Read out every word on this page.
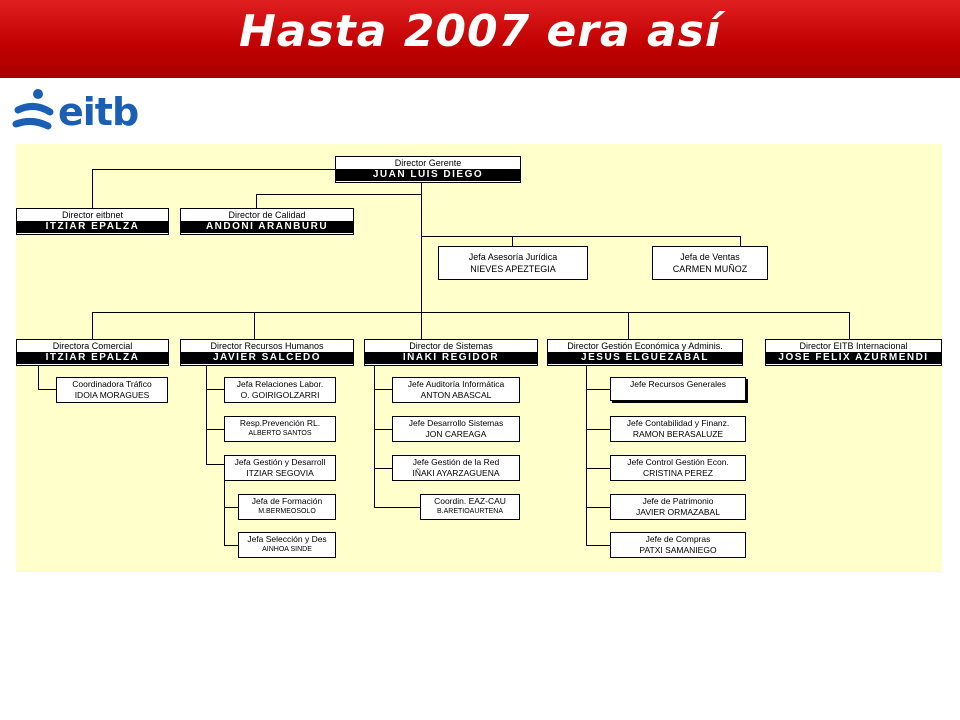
Hasta 2007 era así
eitb
Director Gerente
JUAN LUIS DIEGO
Director eitbnet
ITZIAR EPALZA
Director de Calidad
ANDONI ARANBURU
Jefa Asesoría Jurídica
NIEVES APEZTEGIA
Jefa de Ventas
CARMEN MUÑOZ
Directora Comercial
ITZIAR EPALZA
Director Recursos Humanos
JAVIER SALCEDO
Director de Sistemas
IÑAKI REGIDOR
Director Gestión Económica y Adminis.
JESUS ELGUEZABAL
Director EITB Internacional
JOSE FELIX AZURMENDI
Coordinadora Tráfico
IDOIA MORAGUES
Jefa Relaciones Labor.
O. GOIRIGOLZARRI
Resp.Prevención RL.
ALBERTO SANTOS
Jefa Gestión y Desarroll
ITZIAR SEGOVIA
Jefa de Formación
M.BERMEOSOLO
Jefa Selección y Des
AINHOA SINDE
Jefe Auditoría Informática
ANTON ABASCAL
Jefe Desarrollo Sistemas
JON CAREAGA
Jefe Gestión de la Red
IÑAKI AYARZAGUENA
Coordin. EAZ-CAU
B.ARETIOAURTENA
Jefe Recursos Generales
Jefe Contabilidad y Finanz.
RAMON BERASALUZE
Jefe Control Gestión Econ.
CRISTINA PEREZ
Jefe de Patrimonio
JAVIER ORMAZABAL
Jefe de Compras
PATXI SAMANIEGO
